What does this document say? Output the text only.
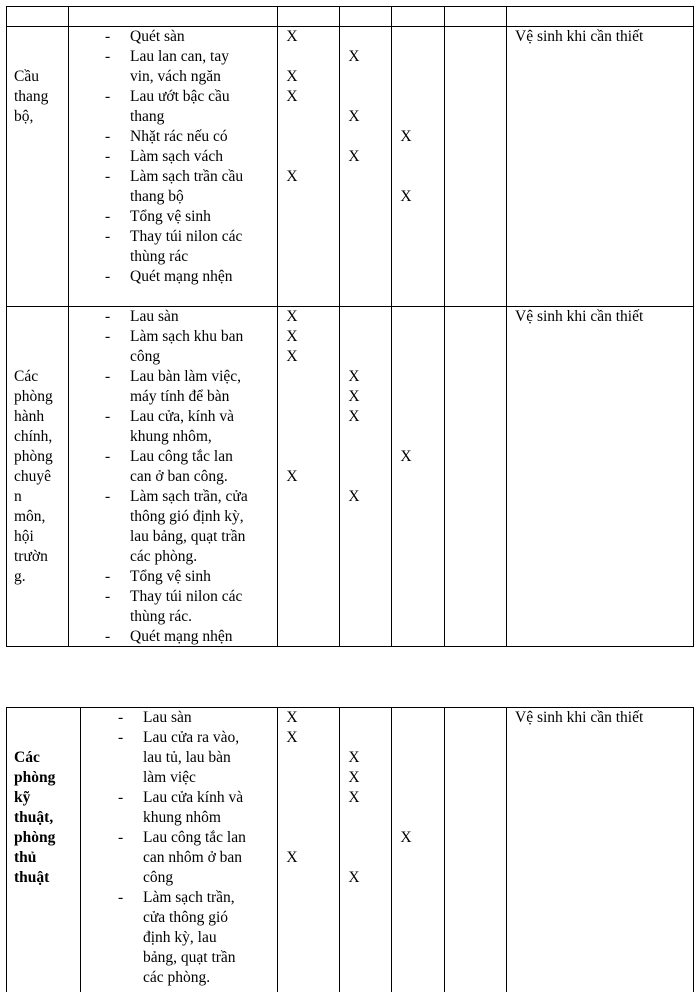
Cầu
thang
bộ,
- Quét sàn
- Lau lan can, tay
vin, vách ngăn
- Lau ướt bậc cầu
thang
- Nhặt rác nếu có
- Làm sạch vách
- Làm sạch trần cầu
thang bộ
- Tổng vệ sinh
- Thay túi nilon các
thùng rác
- Quét mạng nhện
X
X
X
X
X
X
X
X
X
Vệ sinh khi cần thiết
Các
phòng
hành
chính,
phòng
chuyê
n
môn,
hội
trườn
g.
- Lau sàn
- Làm sạch khu ban
công
- Lau bàn làm việc,
máy tính để bàn
- Lau cửa, kính và
khung nhôm,
- Lau công tắc lan
can ở ban công.
- Làm sạch trần, cửa
thông gió định kỳ,
lau bảng, quạt trần
các phòng.
- Tổng vệ sinh
- Thay túi nilon các
thùng rác.
- Quét mạng nhện
X
X
X
X
X
X
X
X
X
Vệ sinh khi cần thiết
Các
phòng
kỹ
thuật,
phòng
thủ
thuật
- Lau sàn
- Lau cửa ra vào,
lau tủ, lau bàn
làm việc
- Lau cửa kính và
khung nhôm
- Lau công tắc lan
can nhôm ở ban
công
- Làm sạch trần,
cửa thông gió
định kỳ, lau
bảng, quạt trần
các phòng.
X
X
X
X
X
X
X
X
Vệ sinh khi cần thiết
